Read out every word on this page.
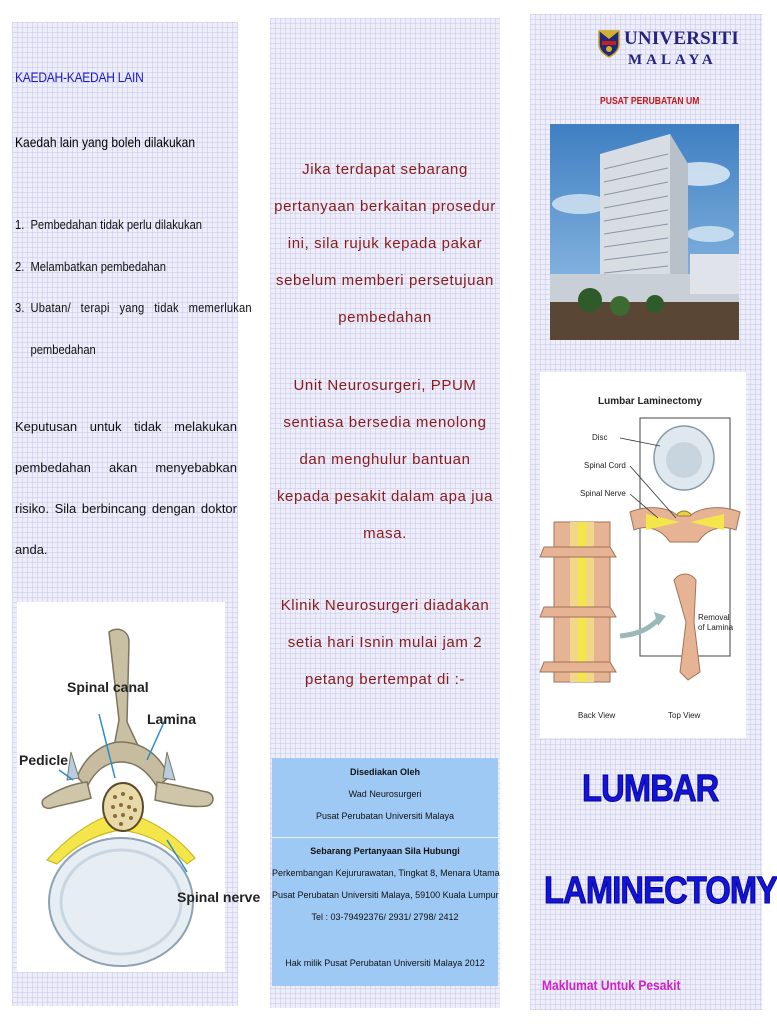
KAEDAH-KAEDAH LAIN
Kaedah lain yang boleh dilakukan
1. Pembedahan tidak perlu dilakukan
2. Melambatkan pembedahan
3. Ubatan/   terapi   yang   tidak   memerlukan
pembedahan
Keputusan untuk tidak melakukan pembedahan akan menyebabkan risiko. Sila berbincang dengan doktor anda.
Spinal canal
Lamina
Pedicle
Spinal nerve
Jika terdapat sebarang pertanyaan berkaitan prosedur ini, sila rujuk kepada pakar sebelum memberi persetujuan pembedahan
Unit Neurosurgeri, PPUM sentiasa bersedia menolong dan menghulur bantuan kepada pesakit dalam apa jua masa.
Klinik Neurosurgeri diadakan setia hari Isnin mulai jam 2 petang bertempat di :-
Disediakan Oleh
Wad Neurosurgeri
Pusat Perubatan Universiti Malaya
Sebarang Pertanyaan Sila Hubungi
Perkembangan Kejururawatan, Tingkat 8, Menara Utama
Pusat Perubatan Universiti Malaya, 59100 Kuala Lumpur
Tel : 03-79492376/ 2931/ 2798/ 2412
Hak milik Pusat Perubatan Universiti Malaya 2012
UNIVERSITI
MALAYA
PUSAT PERUBATAN UM
Lumbar Laminectomy
Disc
Spinal Cord
Spinal Nerve
Removal
of Lamina
Back View	Top View
LUMBAR
LAMINECTOMY
Maklumat Untuk Pesakit
